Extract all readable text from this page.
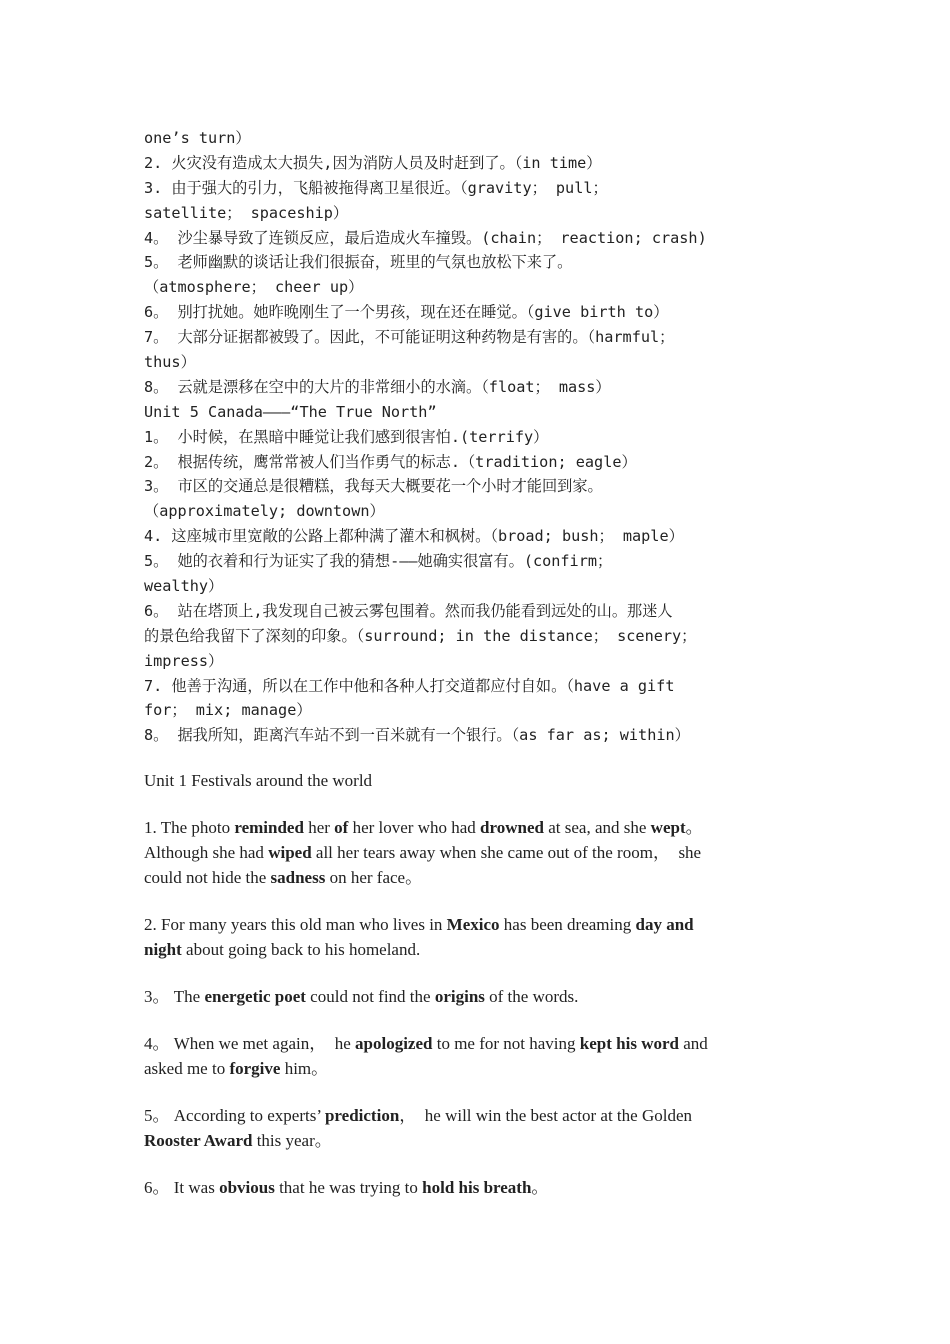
one’s turn）
2. 火灾没有造成太大损失,因为消防人员及时赶到了。（in time）
3. 由于强大的引力，飞船被拖得离卫星很近。（gravity； pull；
satellite； spaceship）
4。 沙尘暴导致了连锁反应，最后造成火车撞毁。(chain； reaction; crash)
5。 老师幽默的谈话让我们很振奋，班里的气氛也放松下来了。
（atmosphere； cheer up）
6。 别打扰她。她昨晚刚生了一个男孩，现在还在睡觉。（give birth to）
7。 大部分证据都被毁了。因此，不可能证明这种药物是有害的。（harmful；
thus）
8。 云就是漂移在空中的大片的非常细小的水滴。（float； mass）
Unit 5 Canada———“The True North”
1。 小时候，在黑暗中睡觉让我们感到很害怕.(terrify）
2。 根据传统，鹰常常被人们当作勇气的标志.（tradition; eagle）
3。 市区的交通总是很糟糕，我每天大概要花一个小时才能回到家。
（approximately; downtown）
4. 这座城市里宽敞的公路上都种满了灌木和枫树。（broad; bush； maple）
5。 她的衣着和行为证实了我的猜想-——她确实很富有。(confirm；
wealthy）
6。 站在塔顶上,我发现自己被云雾包围着。然而我仍能看到远处的山。那迷人
的景色给我留下了深刻的印象。（surround; in the distance； scenery；
impress）
7. 他善于沟通，所以在工作中他和各种人打交道都应付自如。（have a gift
for； mix; manage）
8。 据我所知，距离汽车站不到一百米就有一个银行。（as far as; within）

Unit 1 Festivals around the world

1. The photo reminded her of her lover who had drowned at sea, and she wept。
Although she had wiped all her tears away when she came out of the room，  she
could not hide the sadness on her face。

2. For many years this old man who lives in Mexico has been dreaming day and
night about going back to his homeland.

3。 The energetic poet could not find the origins of the words.

4。 When we met again，  he apologized to me for not having kept his word and
asked me to forgive him。

5。 According to experts’ prediction，  he will win the best actor at the Golden
Rooster Award this year。

6。 It was obvious that he was trying to hold his breath。
